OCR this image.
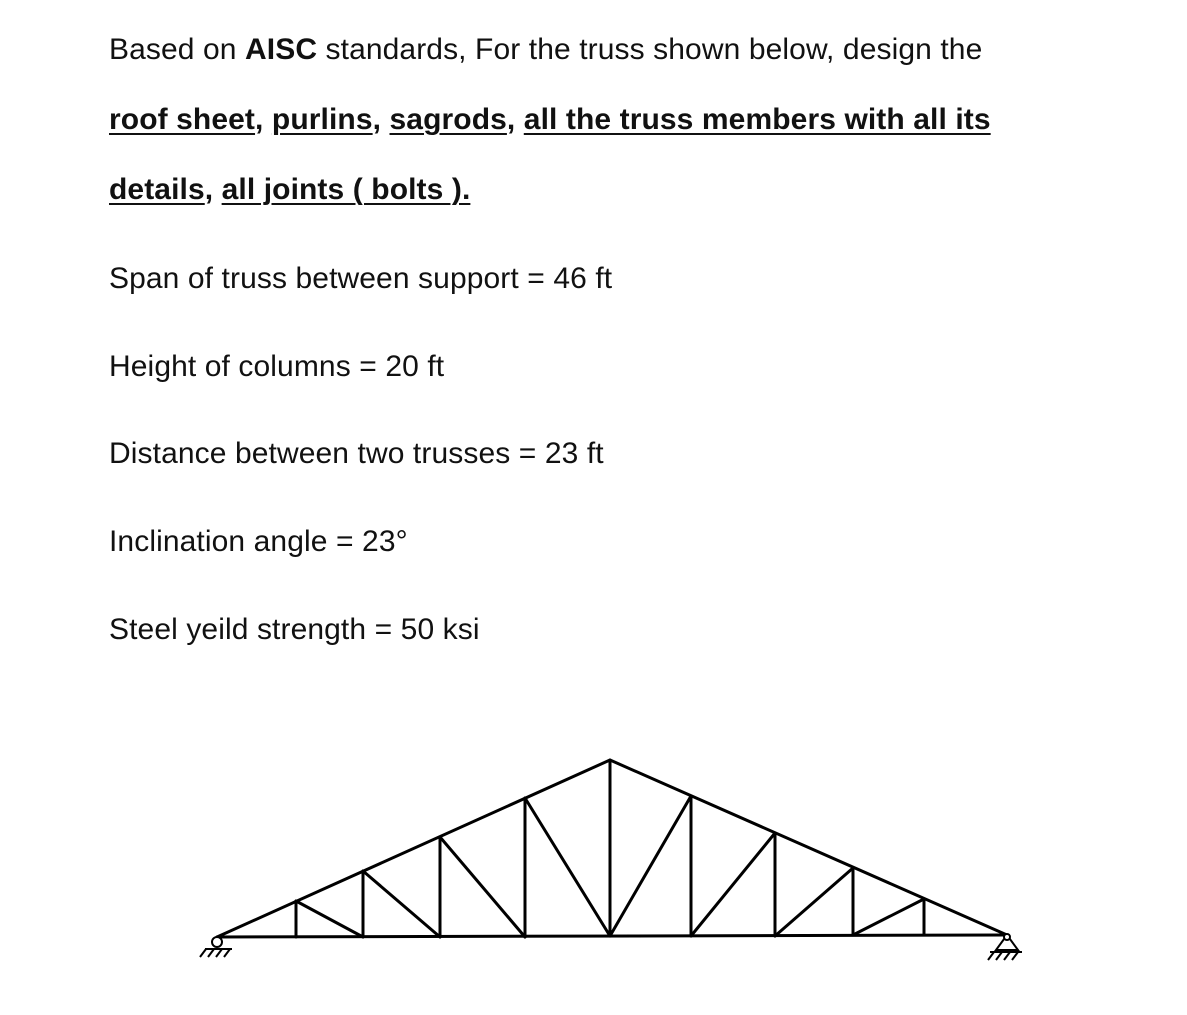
Based on AISC standards, For the truss shown below, design the
roof sheet, purlins, sagrods, all the truss members with all its
details, all joints ( bolts ).
Span of truss between support = 46 ft
Height of columns = 20 ft
Distance between two trusses = 23 ft
Inclination angle = 23°
Steel yeild strength = 50 ksi
